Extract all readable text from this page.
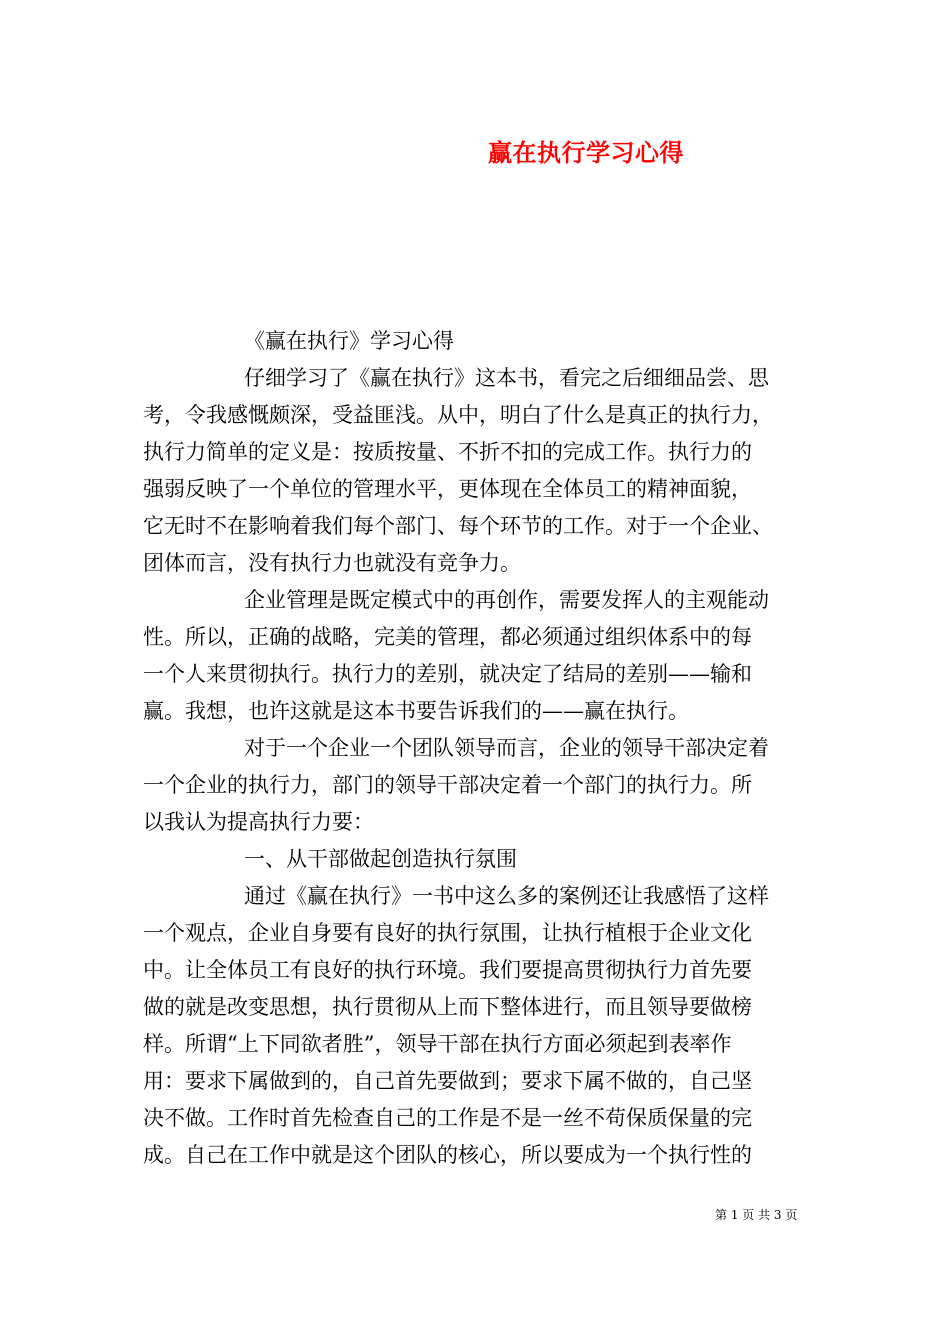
赢在执行学习心得
《赢在执行》学习心得
仔细学习了《赢在执行》这本书，看完之后细细品尝、思
考，令我感慨颇深，受益匪浅。从中，明白了什么是真正的执行力，
执行力简单的定义是：按质按量、不折不扣的完成工作。执行力的
强弱反映了一个单位的管理水平，更体现在全体员工的精神面貌，
它无时不在影响着我们每个部门、每个环节的工作。对于一个企业、
团体而言，没有执行力也就没有竞争力。
企业管理是既定模式中的再创作，需要发挥人的主观能动
性。所以，正确的战略，完美的管理，都必须通过组织体系中的每
一个人来贯彻执行。执行力的差别，就决定了结局的差别——输和
赢。我想，也许这就是这本书要告诉我们的——赢在执行。
对于一个企业一个团队领导而言，企业的领导干部决定着
一个企业的执行力，部门的领导干部决定着一个部门的执行力。所
以我认为提高执行力要：
一、从干部做起创造执行氛围
通过《赢在执行》一书中这么多的案例还让我感悟了这样
一个观点，企业自身要有良好的执行氛围，让执行植根于企业文化
中。让全体员工有良好的执行环境。我们要提高贯彻执行力首先要
做的就是改变思想，执行贯彻从上而下整体进行，而且领导要做榜
样。所谓“上下同欲者胜”，领导干部在执行方面必须起到表率作
用：要求下属做到的，自己首先要做到；要求下属不做的，自己坚
决不做。工作时首先检查自己的工作是不是一丝不苟保质保量的完
成。自己在工作中就是这个团队的核心，所以要成为一个执行性的
第 1 页 共 3 页
